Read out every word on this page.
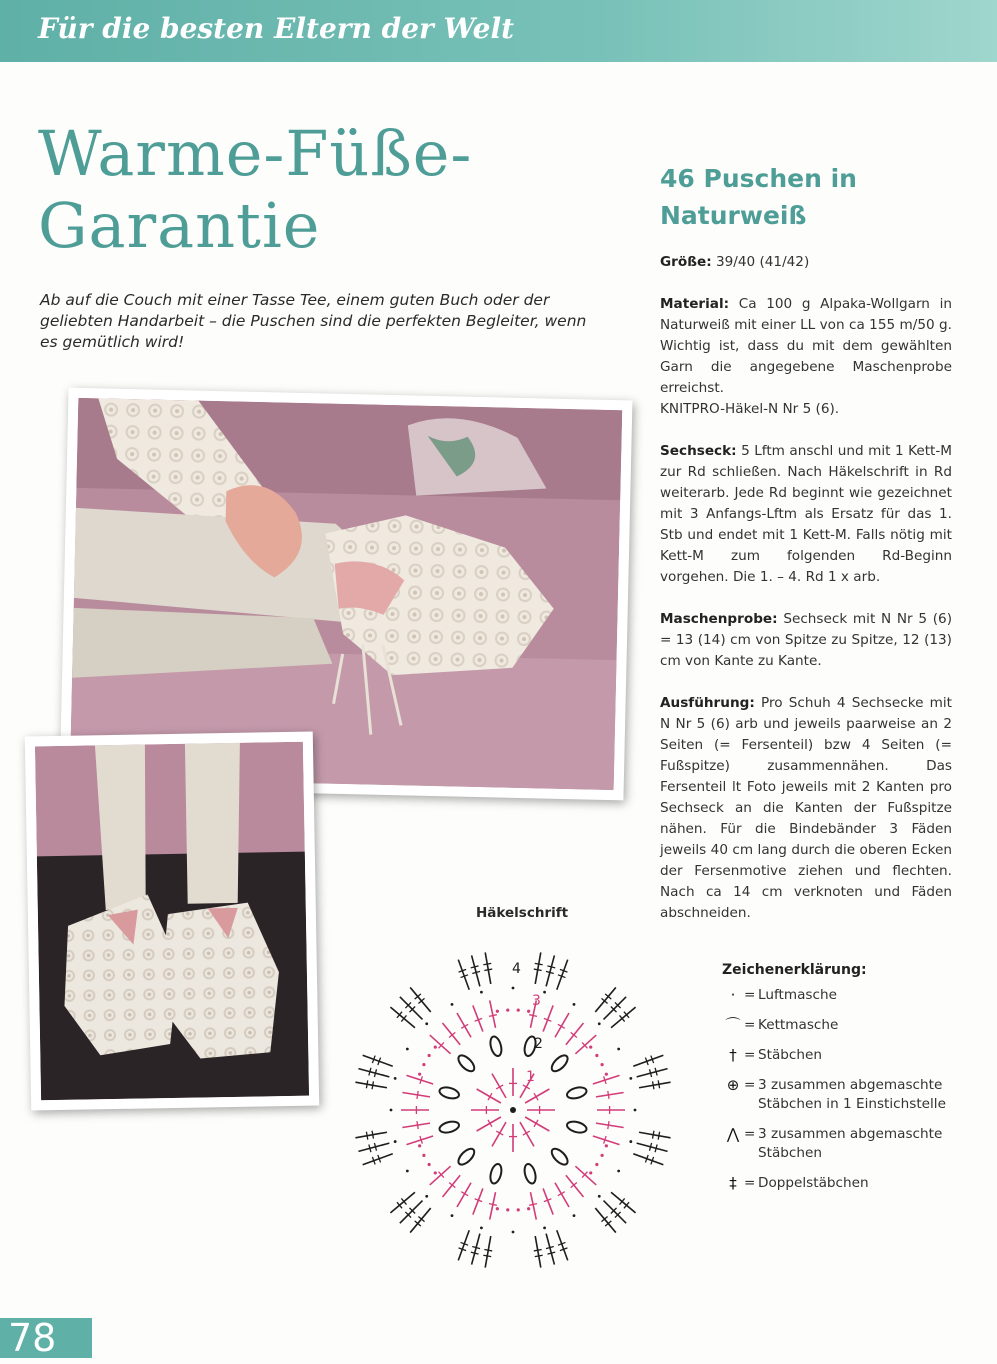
Für die besten Eltern der Welt
Warme-Füße-
Garantie
Ab auf die Couch mit einer Tasse Tee, einem guten Buch oder der geliebten Handarbeit – die Puschen sind die perfekten Begleiter, wenn es gemütlich wird!
46 Puschen in Naturweiß
Größe: 39/40 (41/42)
Material: Ca 100 g Alpaka-Wollgarn in Naturweiß mit einer LL von ca 155 m/50 g. Wichtig ist, dass du mit dem gewählten Garn die angegebene Maschenprobe erreichst.
KNITPRO-Häkel-N Nr 5 (6).
Sechseck: 5 Lftm anschl und mit 1 Kett-M zur Rd schließen. Nach Häkelschrift in Rd weiterarb. Jede Rd beginnt wie gezeichnet mit 3 Anfangs-Lftm als Ersatz für das 1. Stb und endet mit 1 Kett-M. Falls nötig mit Kett-M zum folgenden Rd-Beginn vorgehen. Die 1. – 4. Rd 1 x arb.
Maschenprobe: Sechseck mit N Nr 5 (6) = 13 (14) cm von Spitze zu Spitze, 12 (13) cm von Kante zu Kante.
Ausführung: Pro Schuh 4 Sechsecke mit N Nr 5 (6) arb und jeweils paarweise an 2 Seiten (= Fersenteil) bzw 4 Seiten (= Fußspitze) zusammennähen. Das Fersenteil lt Foto jeweils mit 2 Kanten pro Sechseck an die Kanten der Fußspitze nähen. Für die Bindebänder 3 Fäden jeweils 40 cm lang durch die oberen Ecken der Fersenmotive ziehen und flechten. Nach ca 14 cm verknoten und Fäden abschneiden.
Häkelschrift
1
2
3
4	Zeichenerklärung:
· = Luftmasche
⌒ = Kettmasche
† = Stäbchen
⊕ = 3 zusammen abgemaschte Stäbchen in 1 Einstichstelle
⋀ = 3 zusammen abgemaschte Stäbchen
‡ = Doppelstäbchen
78
